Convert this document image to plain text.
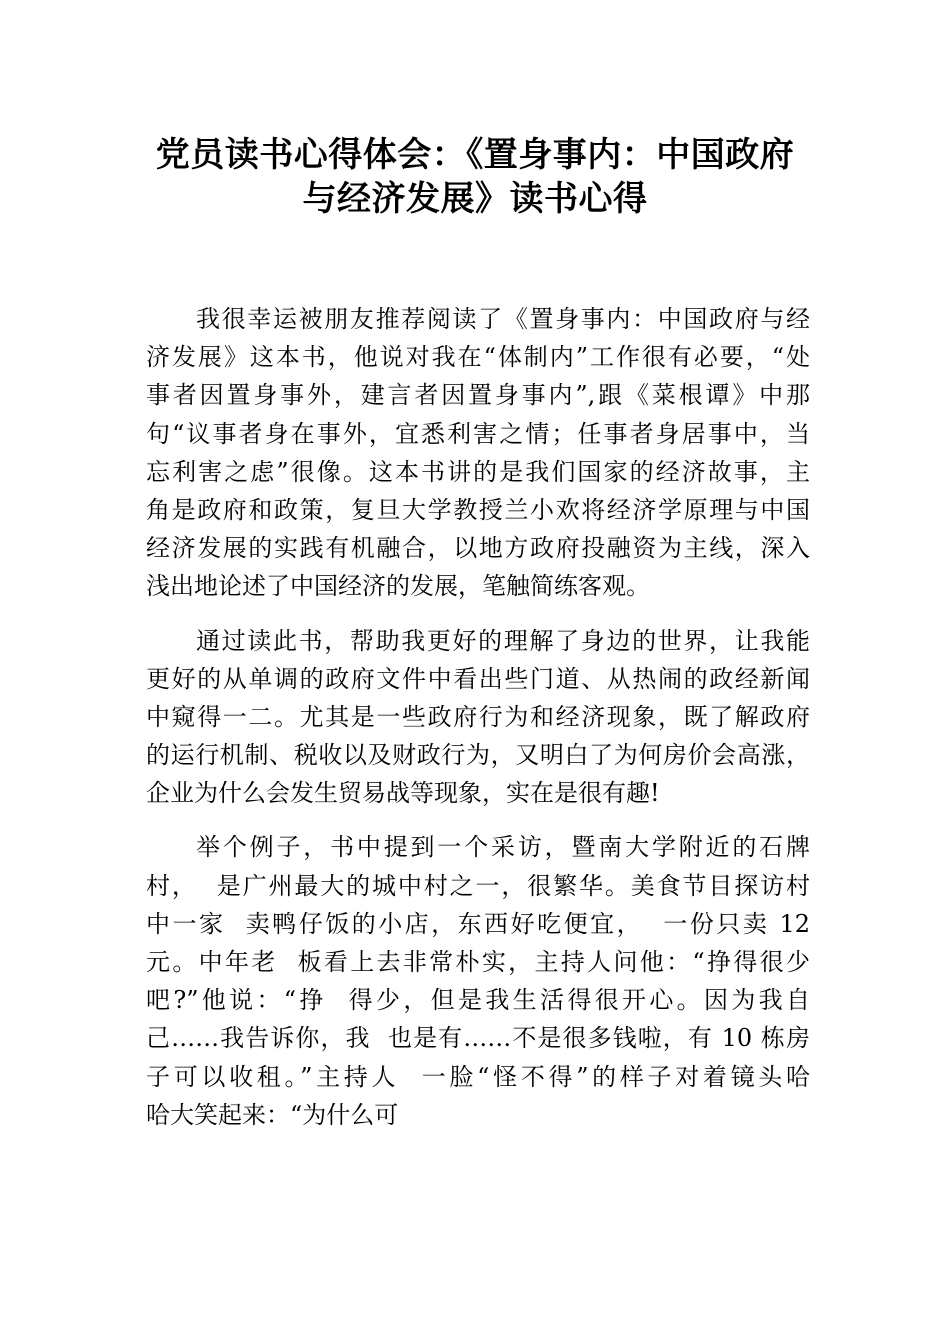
党员读书心得体会：《置身事内：中国政府
与经济发展》读书心得
我很幸运被朋友推荐阅读了《置身事内：中国政府与经
济发展》这本书，他说对我在“体制内”工作很有必要，“处
事者因置身事外，建言者因置身事内”,跟《菜根谭》中那
句“议事者身在事外，宜悉利害之情；任事者身居事中，当
忘利害之虑”很像。这本书讲的是我们国家的经济故事，主
角是政府和政策，复旦大学教授兰小欢将经济学原理与中国
经济发展的实践有机融合，以地方政府投融资为主线，深入
浅出地论述了中国经济的发展，笔触简练客观。
通过读此书，帮助我更好的理解了身边的世界，让我能
更好的从单调的政府文件中看出些门道、从热闹的政经新闻
中窥得一二。尤其是一些政府行为和经济现象，既了解政府
的运行机制、税收以及财政行为，又明白了为何房价会高涨，
企业为什么会发生贸易战等现象，实在是很有趣!
举个例子，书中提到一个采访，暨南大学附近的石牌
村，  是广州最大的城中村之一，很繁华。美食节目探访村
中一家  卖鸭仔饭的小店，东西好吃便宜，  一份只卖 12
元。中年老  板看上去非常朴实，主持人问他：“挣得很少
吧?”他说：“挣  得少，但是我生活得很开心。因为我自
己……我告诉你，我  也是有……不是很多钱啦，有 10 栋房
子可以收租。”主持人  一脸“怪不得”的样子对着镜头哈
哈大笑起来：“为什么可
